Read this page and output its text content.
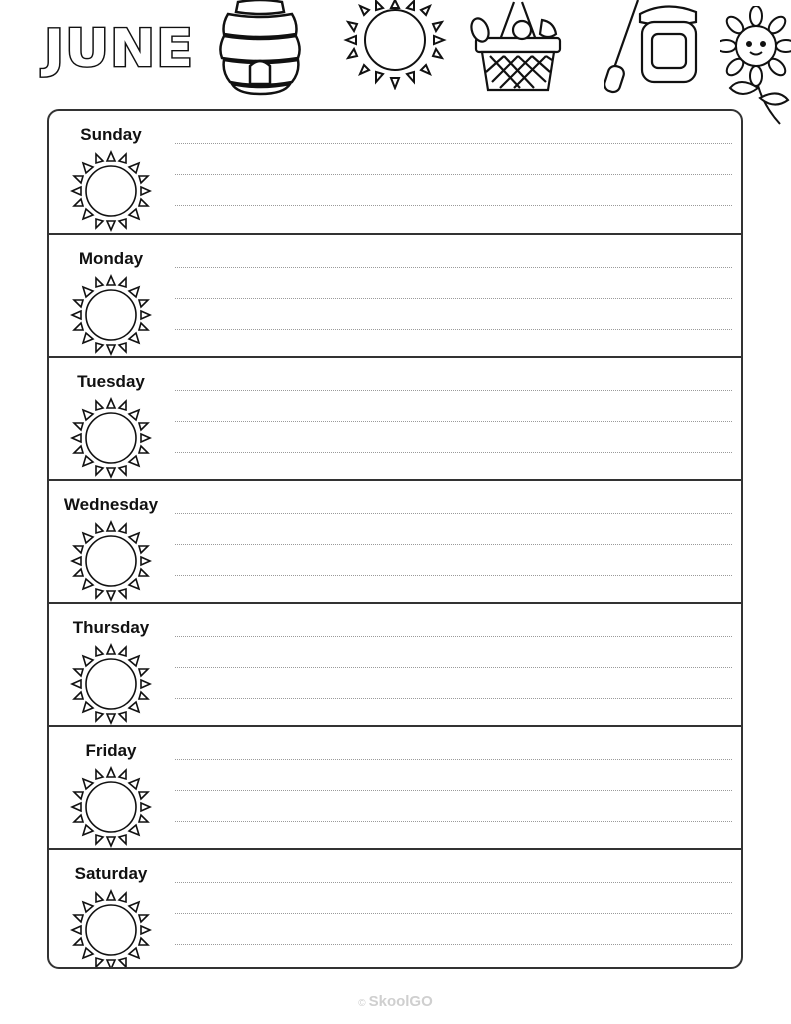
JUNE
Sunday
Monday
Tuesday
Wednesday
Thursday
Friday
Saturday
© SkoolGO
